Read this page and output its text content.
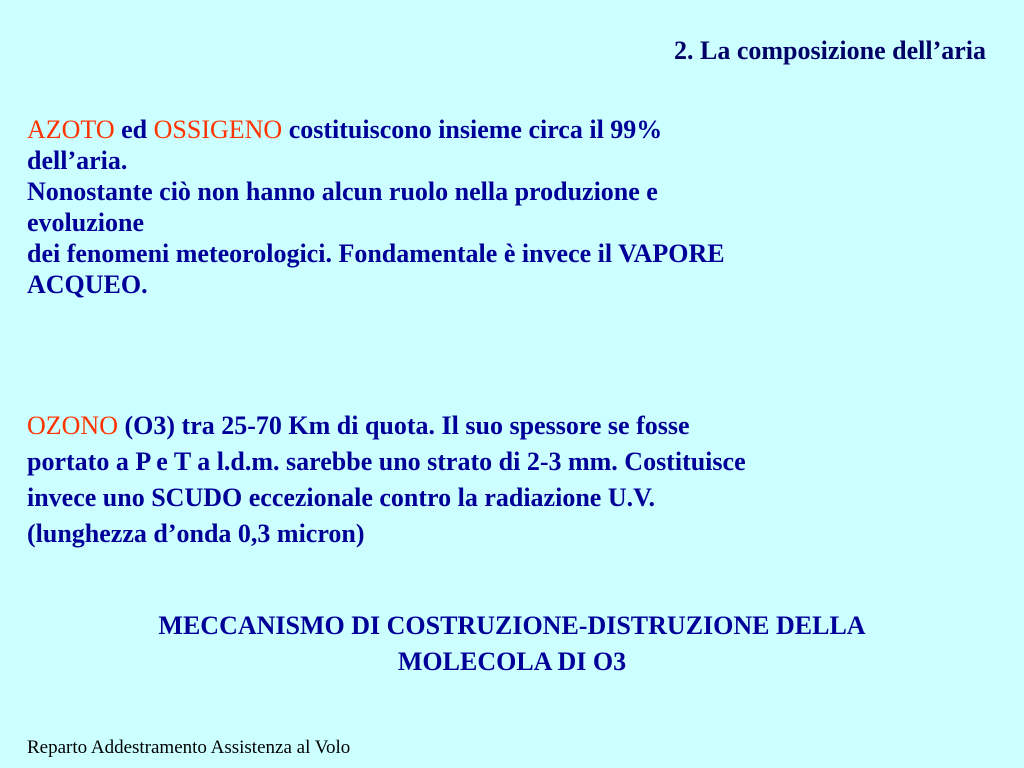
2. La composizione dell’aria
AZOTO ed OSSIGENO costituiscono insieme circa il 99%
dell’aria.
Nonostante ciò non hanno alcun ruolo nella produzione e
evoluzione
dei fenomeni meteorologici. Fondamentale è invece il VAPORE
ACQUEO.
OZONO (O3) tra 25-70 Km di quota. Il suo spessore se fosse
portato a P e T a l.d.m. sarebbe uno strato di 2-3 mm. Costituisce
invece uno SCUDO eccezionale contro la radiazione U.V.
(lunghezza d’onda 0,3 micron)
MECCANISMO DI COSTRUZIONE-DISTRUZIONE DELLA
MOLECOLA DI O3
Reparto Addestramento Assistenza al Volo
